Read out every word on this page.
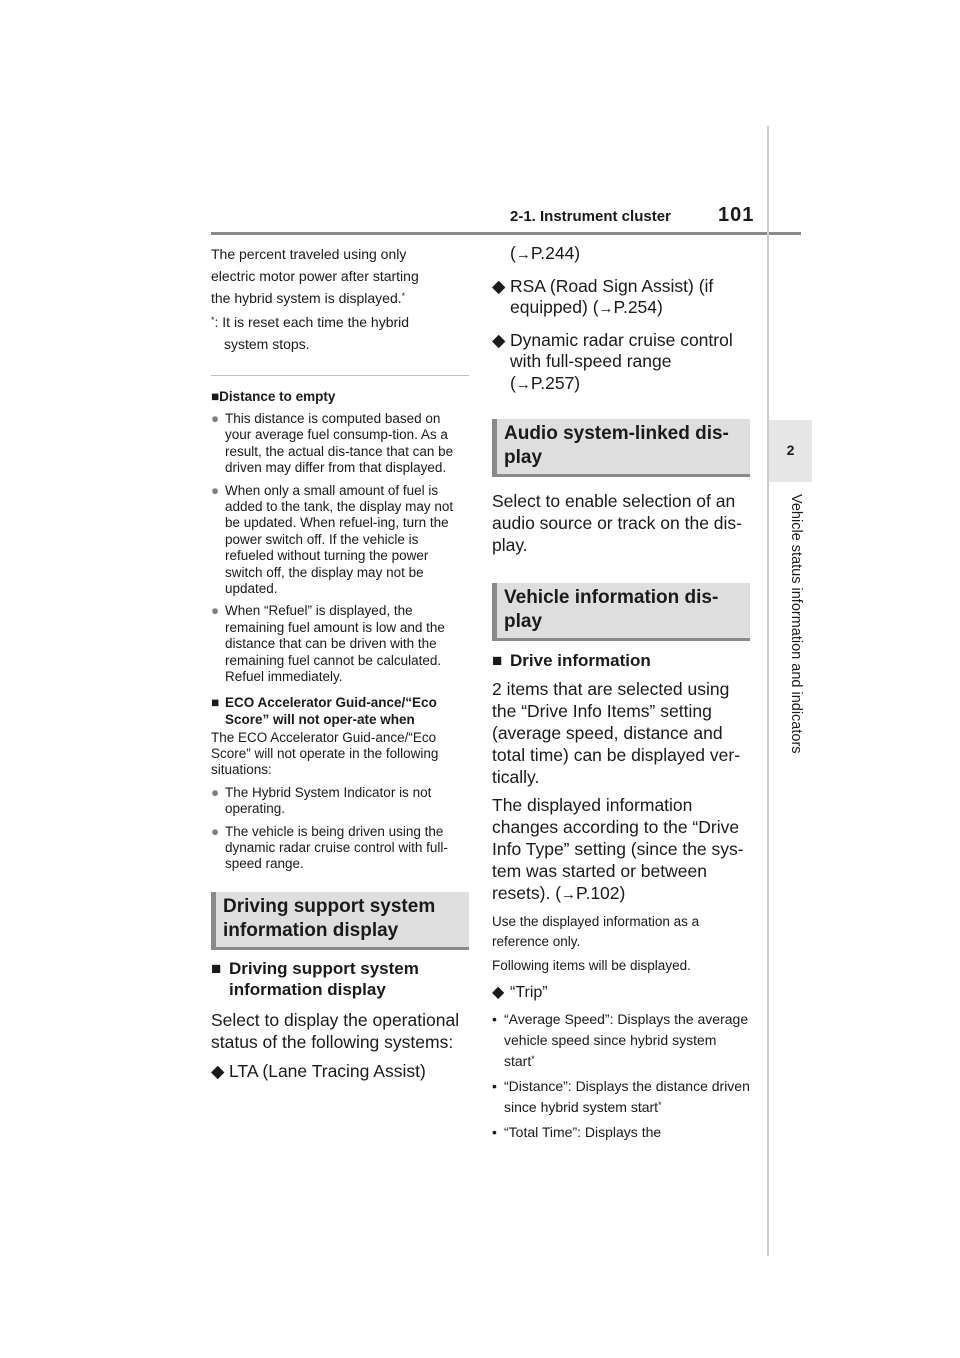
2-1. Instrument cluster 101
2
Vehicle status information and indicators
The percent traveled using only
electric motor power after starting
the hybrid system is displayed.*
*: It is reset each time the hybrid
system stops.
■Distance to empty
● This distance is computed based on your average fuel consump-tion. As a result, the actual dis-tance that can be driven may differ from that displayed.
● When only a small amount of fuel is added to the tank, the display may not be updated. When refuel-ing, turn the power switch off. If the vehicle is refueled without turning the power switch off, the display may not be updated.
● When “Refuel” is displayed, the remaining fuel amount is low and the distance that can be driven with the remaining fuel cannot be calculated.
Refuel immediately.
■ ECO Accelerator Guid-ance/“Eco Score” will not oper-ate when
The ECO Accelerator Guid-ance/“Eco Score” will not operate in the following situations:
● The Hybrid System Indicator is not operating.
● The vehicle is being driven using the dynamic radar cruise control with full-speed range.
Driving support system
information display
■ Driving support system
information display
Select to display the operational
status of the following systems:
◆ LTA (Lane Tracing Assist)
(→P.244)
◆ RSA (Road Sign Assist) (if
equipped) (→P.254)
◆ Dynamic radar cruise control
with full-speed range
(→P.257)
Audio system-linked dis-
play
Select to enable selection of an audio source or track on the dis-play.
Vehicle information dis-
play
■ Drive information
2 items that are selected using the “Drive Info Items” setting (average speed, distance and total time) can be displayed ver-tically.
The displayed information changes according to the “Drive Info Type” setting (since the sys-tem was started or between resets). (→P.102)
Use the displayed information as a reference only.
Following items will be displayed.
◆ “Trip”
• “Average Speed”: Displays the average vehicle speed since hybrid system start*
• “Distance”: Displays the distance driven since hybrid system start*
• “Total Time”: Displays the
